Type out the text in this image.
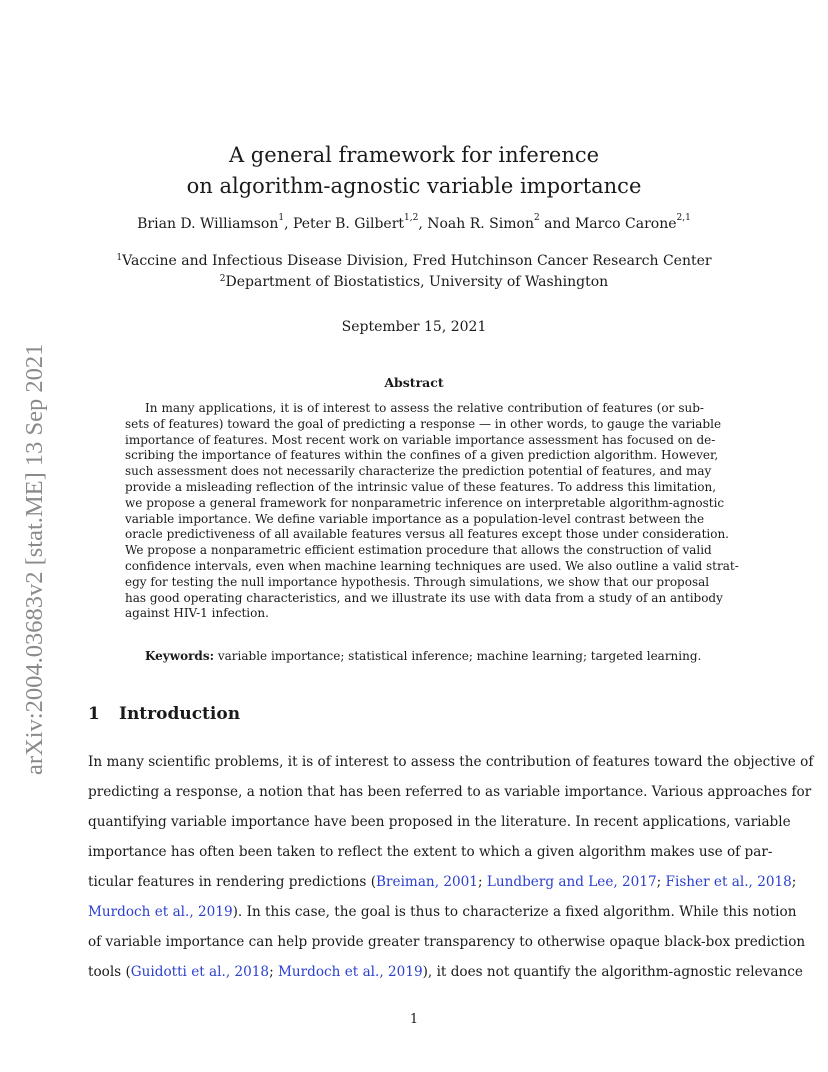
arXiv:2004.03683v2 [stat.ME] 13 Sep 2021
A general framework for inference
on algorithm-agnostic variable importance
Brian D. Williamson$^1$, Peter B. Gilbert$^{1,2}$, Noah R. Simon$^2$ and Marco Carone$^{2,1}$
$^1$Vaccine and Infectious Disease Division, Fred Hutchinson Cancer Research Center
$^2$Department of Biostatistics, University of Washington
September 15, 2021
Abstract
In many applications, it is of interest to assess the relative contribution of features (or sub-
sets of features) toward the goal of predicting a response — in other words, to gauge the variable
importance of features. Most recent work on variable importance assessment has focused on de-
scribing the importance of features within the confines of a given prediction algorithm. However,
such assessment does not necessarily characterize the prediction potential of features, and may
provide a misleading reflection of the intrinsic value of these features. To address this limitation,
we propose a general framework for nonparametric inference on interpretable algorithm-agnostic
variable importance. We define variable importance as a population-level contrast between the
oracle predictiveness of all available features versus all features except those under consideration.
We propose a nonparametric efficient estimation procedure that allows the construction of valid
confidence intervals, even when machine learning techniques are used. We also outline a valid strat-
egy for testing the null importance hypothesis. Through simulations, we show that our proposal
has good operating characteristics, and we illustrate its use with data from a study of an antibody
against HIV-1 infection.
Keywords: variable importance; statistical inference; machine learning; targeted learning.
1 Introduction
In many scientific problems, it is of interest to assess the contribution of features toward the objective of
predicting a response, a notion that has been referred to as variable importance. Various approaches for
quantifying variable importance have been proposed in the literature. In recent applications, variable
importance has often been taken to reflect the extent to which a given algorithm makes use of par-
ticular features in rendering predictions (Breiman, 2001; Lundberg and Lee, 2017; Fisher et al., 2018;
Murdoch et al., 2019). In this case, the goal is thus to characterize a fixed algorithm. While this notion
of variable importance can help provide greater transparency to otherwise opaque black-box prediction
tools (Guidotti et al., 2018; Murdoch et al., 2019), it does not quantify the algorithm-agnostic relevance
1
